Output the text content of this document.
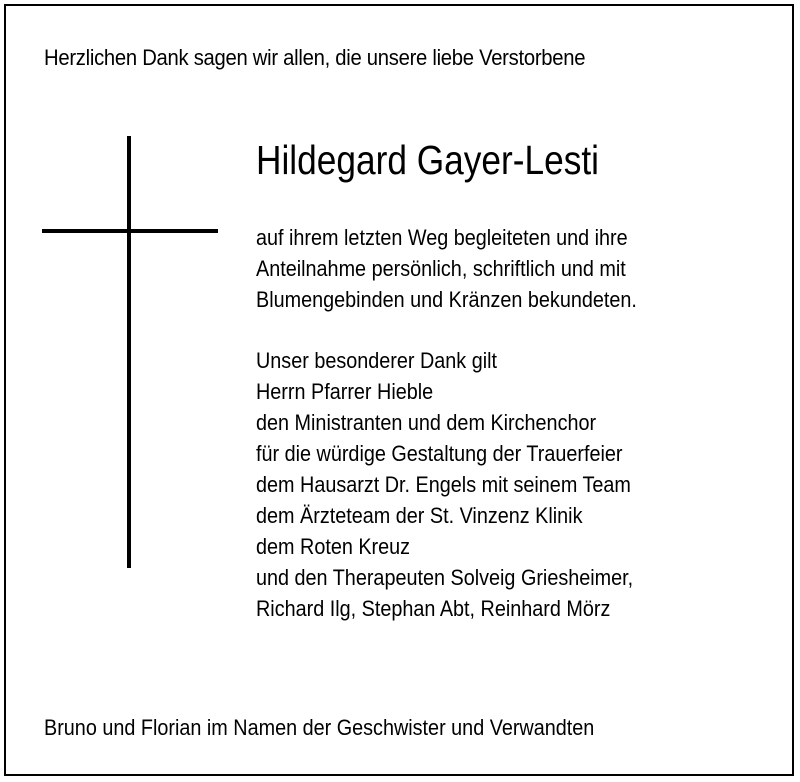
Herzlichen Dank sagen wir allen, die unsere liebe Verstorbene
Hildegard Gayer-Lesti
auf ihrem letzten Weg begleiteten und ihre
Anteilnahme persönlich, schriftlich und mit
Blumengebinden und Kränzen bekundeten.
Unser besonderer Dank gilt
Herrn Pfarrer Hieble
den Ministranten und dem Kirchenchor
für die würdige Gestaltung der Trauerfeier
dem Hausarzt Dr. Engels mit seinem Team
dem Ärzteteam der St. Vinzenz Klinik
dem Roten Kreuz
und den Therapeuten Solveig Griesheimer,
Richard Ilg, Stephan Abt, Reinhard Mörz
Bruno und Florian im Namen der Geschwister und Verwandten
